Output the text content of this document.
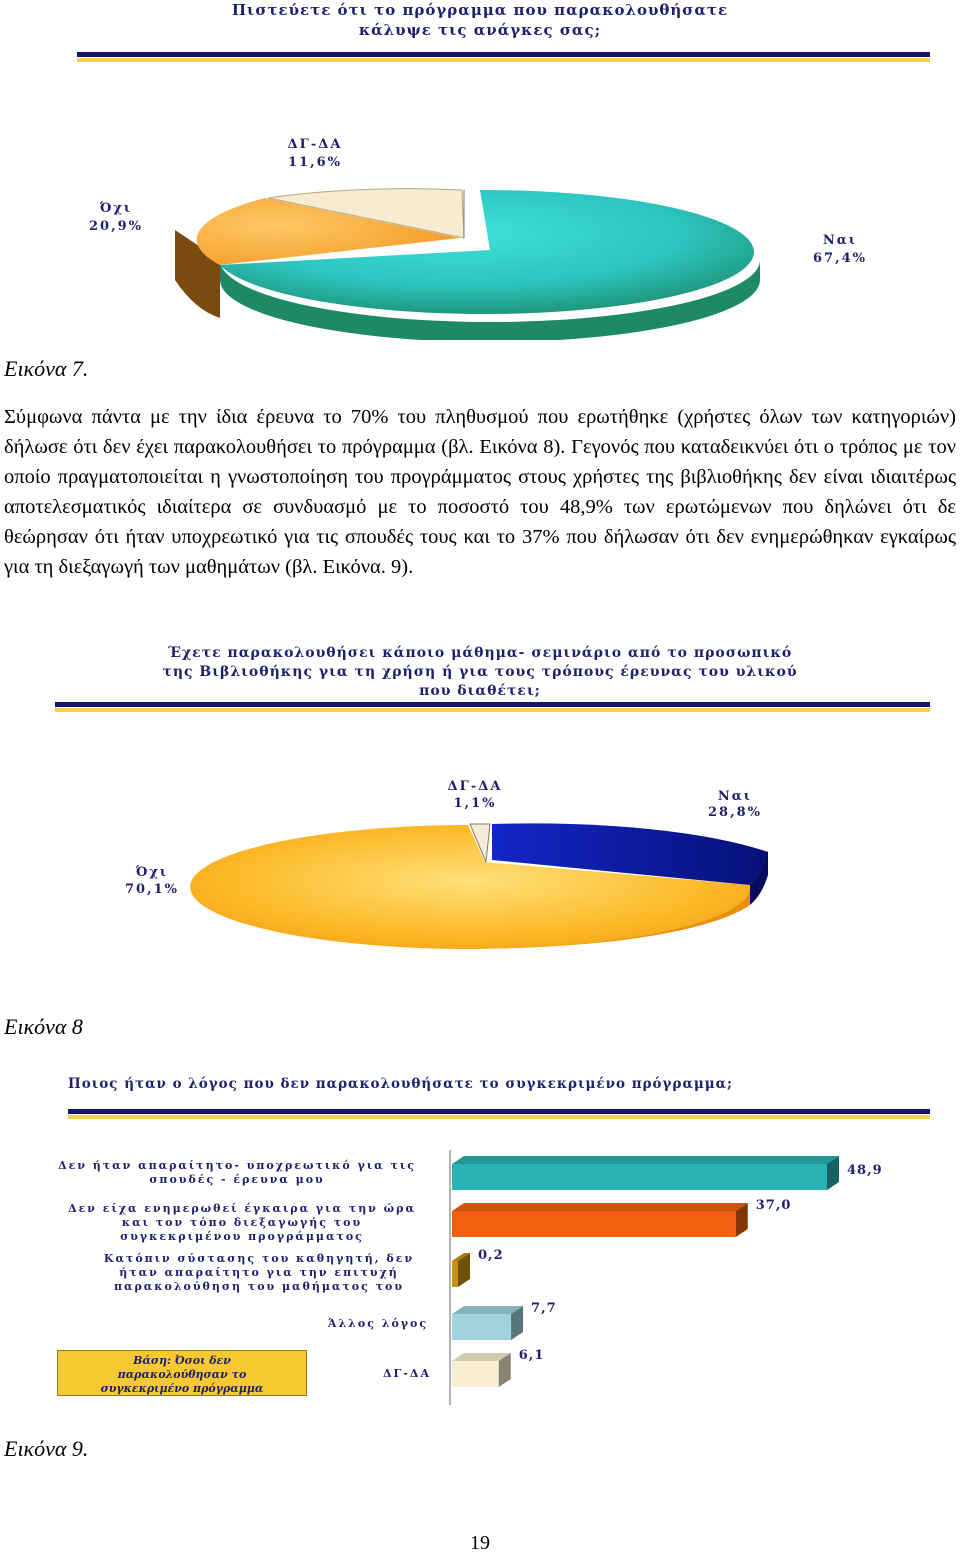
Πιστεύετε ότι το πρόγραμμα που παρακολουθήσατε
κάλυψε τις ανάγκες σας;
ΔΓ-ΔΑ
11,6%
Όχι
20,9%
Ναι
67,4%
Εικόνα 7.
Σύμφωνα πάντα με την ίδια έρευνα το 70% του πληθυσμού που ερωτήθηκε (χρήστες όλων των κατηγοριών) δήλωσε ότι δεν έχει παρακολουθήσει το πρόγραμμα (βλ. Εικόνα 8). Γεγονός που καταδεικνύει ότι ο τρόπος με τον οποίο πραγματοποιείται η γνωστοποίηση του προγράμματος στους χρήστες της βιβλιοθήκης δεν είναι ιδιαιτέρως αποτελεσματικός ιδιαίτερα σε συνδυασμό με το ποσοστό του 48,9% των ερωτώμενων που δηλώνει ότι δε θεώρησαν ότι ήταν υποχρεωτικό για τις σπουδές τους και το 37% που δήλωσαν ότι δεν ενημερώθηκαν εγκαίρως για τη διεξαγωγή των μαθημάτων (βλ. Εικόνα. 9).
Έχετε παρακολουθήσει κάποιο μάθημα- σεμινάριο από το προσωπικό
της Βιβλιοθήκης για τη χρήση ή για τους τρόπους έρευνας του υλικού
που διαθέτει;
ΔΓ-ΔΑ
1,1%	Ναι
28,8%
Όχι
70,1%
Εικόνα 8
Ποιος ήταν ο λόγος που δεν παρακολουθήσατε το συγκεκριμένο πρόγραμμα;
Δεν ήταν απαραίτητο- υποχρεωτικό για τις
σπουδές - έρευνα μου
Δεν είχα ενημερωθεί έγκαιρα για την ώρα
και τον τόπο διεξαγωγής του
συγκεκριμένου προγράμματος
Κατόπιν σύστασης του καθηγητή, δεν
ήταν απαραίτητο για την επιτυχή
παρακολούθηση του μαθήματος του
Άλλος λόγος
ΔΓ-ΔΑ
48,9
37,0
0,2
7,7
6,1
Βάση: Όσοι δεν
παρακολούθησαν το
συγκεκριμένο πρόγραμμα
Εικόνα 9.
19
